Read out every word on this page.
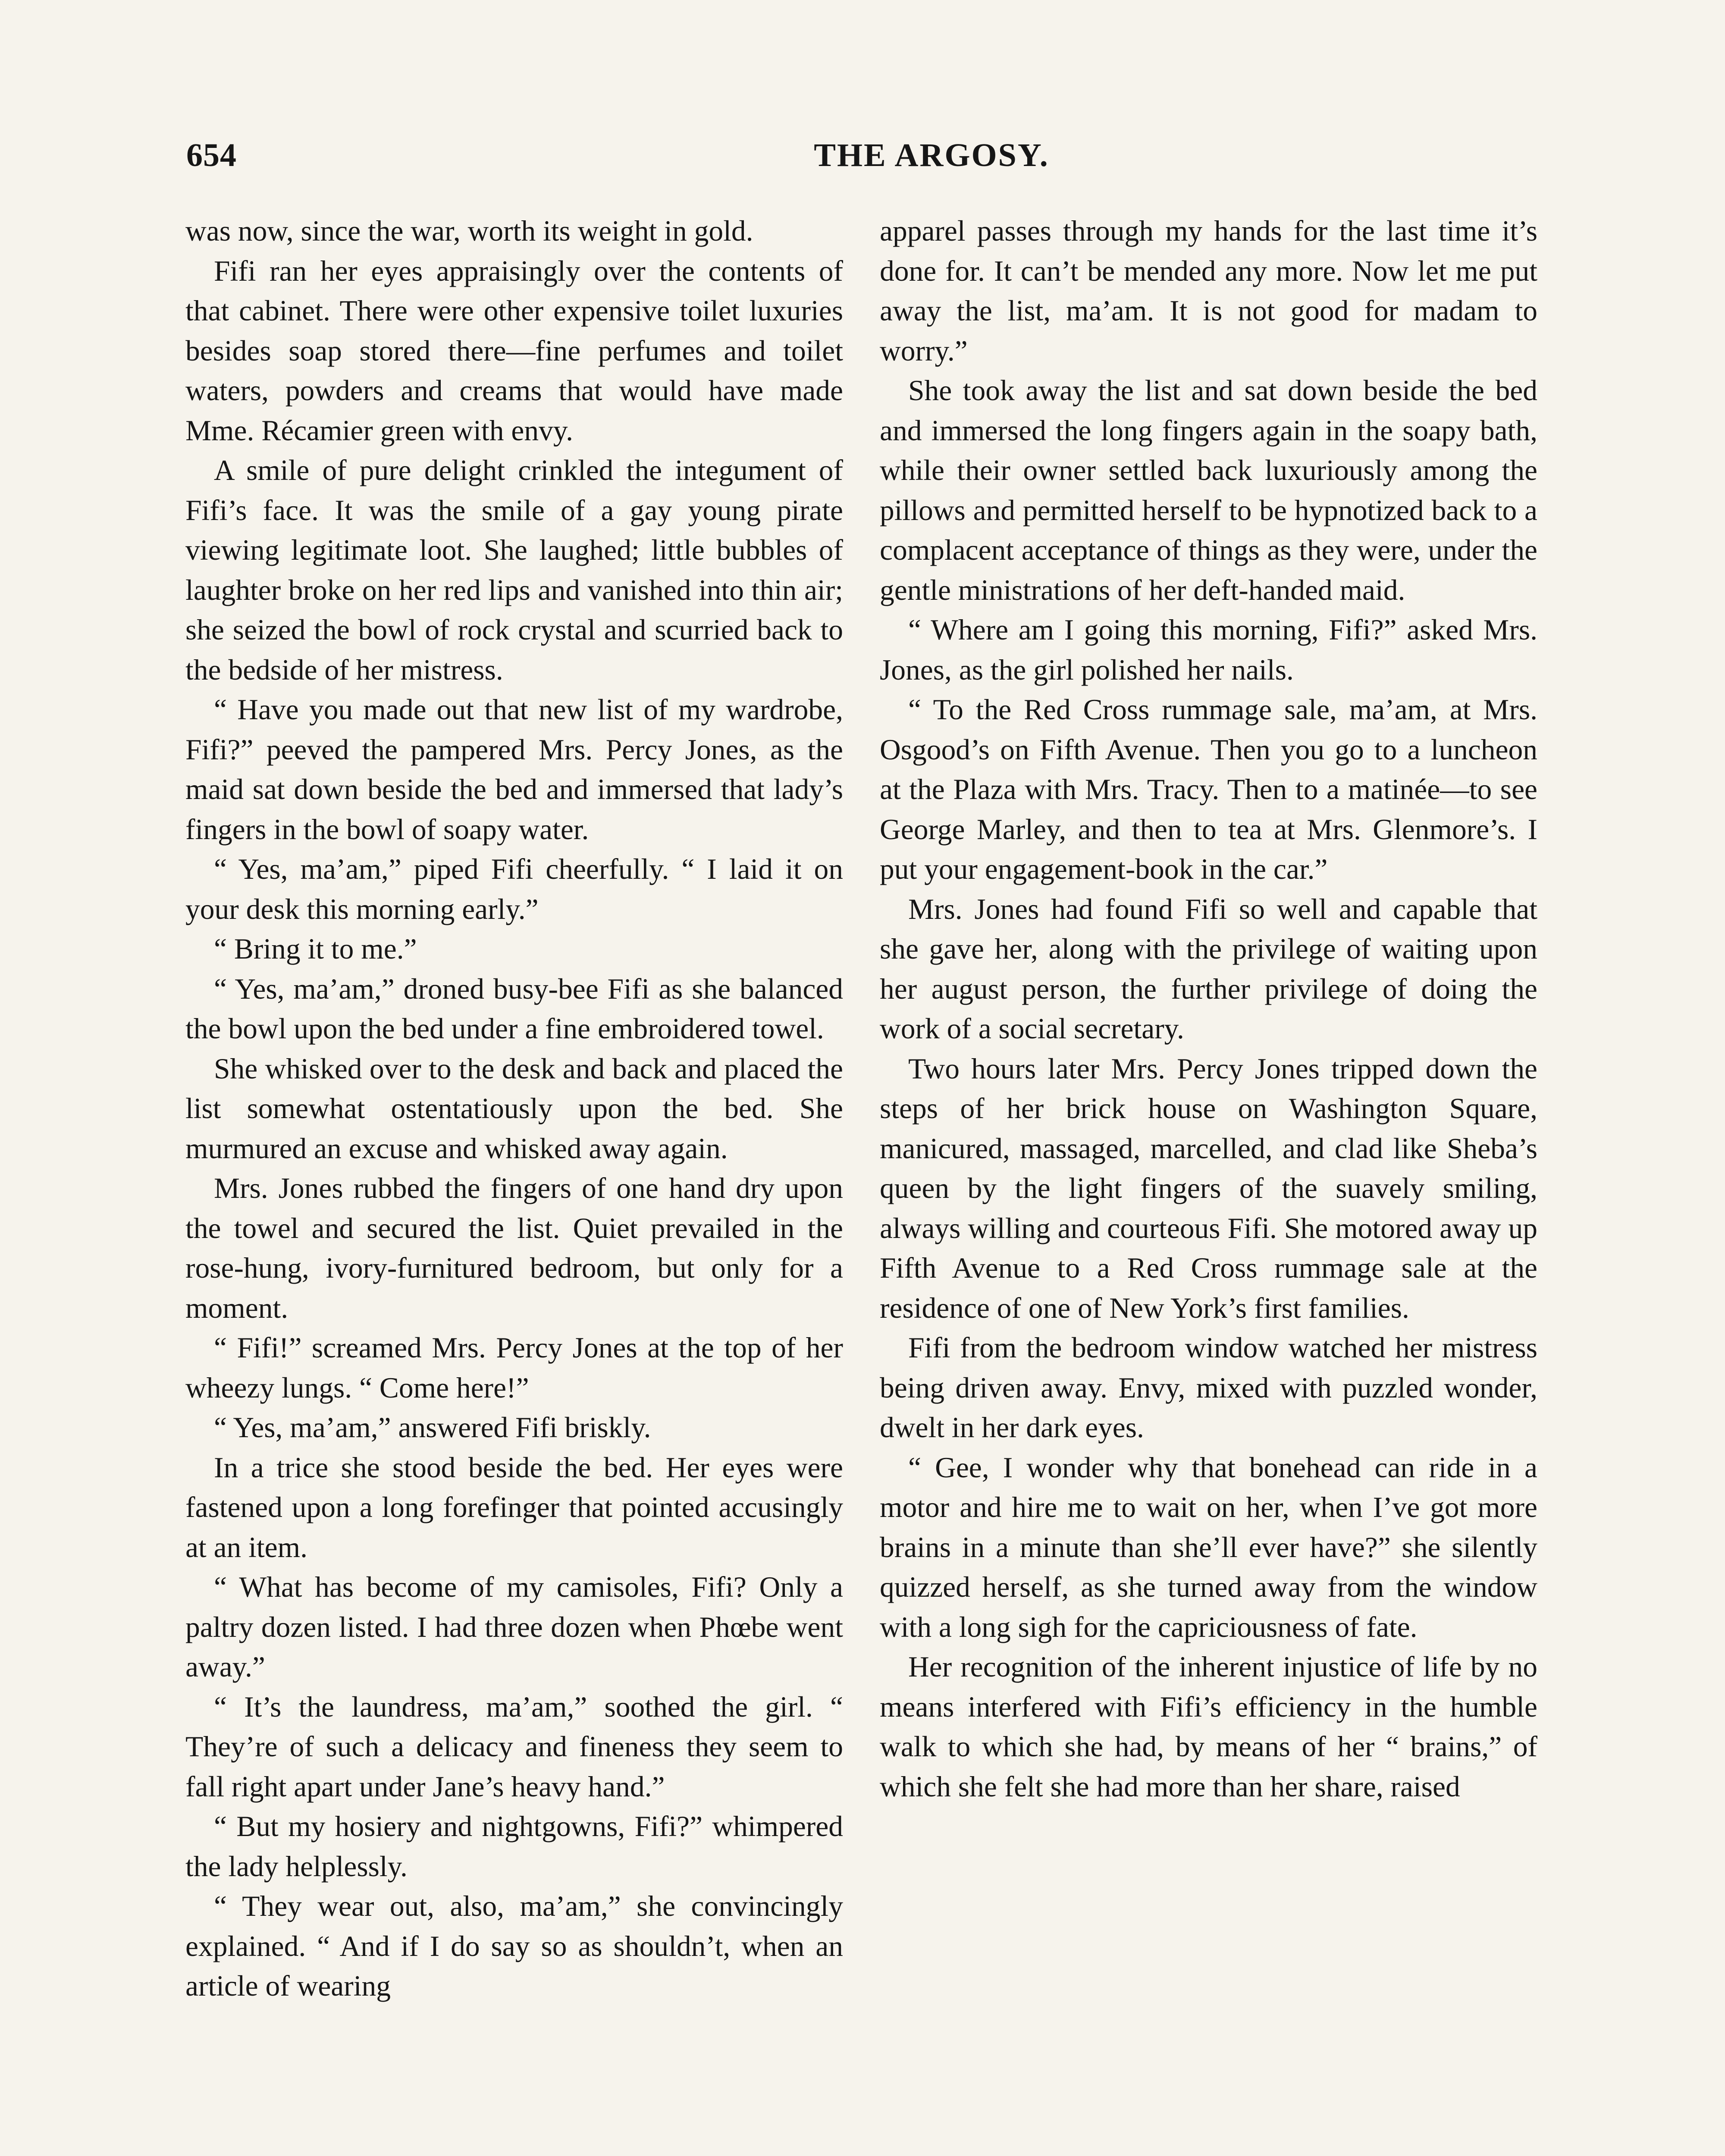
654	THE ARGOSY.

was now, since the war, worth its weight in gold.

Fifi ran her eyes appraisingly over the contents of that cabinet. There were other expensive toilet luxuries besides soap stored there—fine perfumes and toilet waters, powders and creams that would have made Mme. Récamier green with envy.

A smile of pure delight crinkled the integument of Fifi’s face. It was the smile of a gay young pirate viewing legitimate loot. She laughed; little bubbles of laughter broke on her red lips and vanished into thin air; she seized the bowl of rock crystal and scurried back to the bedside of her mistress.

“ Have you made out that new list of my wardrobe, Fifi?” peeved the pampered Mrs. Percy Jones, as the maid sat down beside the bed and immersed that lady’s fingers in the bowl of soapy water.

“ Yes, ma’am,” piped Fifi cheerfully. “ I laid it on your desk this morning early.”

“ Bring it to me.”

“ Yes, ma’am,” droned busy-bee Fifi as she balanced the bowl upon the bed under a fine embroidered towel.

She whisked over to the desk and back and placed the list somewhat ostentatiously upon the bed. She murmured an excuse and whisked away again.

Mrs. Jones rubbed the fingers of one hand dry upon the towel and secured the list. Quiet prevailed in the rose-hung, ivory-furnitured bedroom, but only for a moment.

“ Fifi!” screamed Mrs. Percy Jones at the top of her wheezy lungs. “ Come here!”

“ Yes, ma’am,” answered Fifi briskly.

In a trice she stood beside the bed. Her eyes were fastened upon a long forefinger that pointed accusingly at an item.

“ What has become of my camisoles, Fifi? Only a paltry dozen listed. I had three dozen when Phœbe went away.”

“ It’s the laundress, ma’am,” soothed the girl. “ They’re of such a delicacy and fineness they seem to fall right apart under Jane’s heavy hand.”

“ But my hosiery and nightgowns, Fifi?” whimpered the lady helplessly.

“ They wear out, also, ma’am,” she convincingly explained. “ And if I do say so as shouldn’t, when an article of wearing

apparel passes through my hands for the last time it’s done for. It can’t be mended any more. Now let me put away the list, ma’am. It is not good for madam to worry.”

She took away the list and sat down beside the bed and immersed the long fingers again in the soapy bath, while their owner settled back luxuriously among the pillows and permitted herself to be hypnotized back to a complacent acceptance of things as they were, under the gentle ministrations of her deft-handed maid.

“ Where am I going this morning, Fifi?” asked Mrs. Jones, as the girl polished her nails.

“ To the Red Cross rummage sale, ma’am, at Mrs. Osgood’s on Fifth Avenue. Then you go to a luncheon at the Plaza with Mrs. Tracy. Then to a matinée—to see George Marley, and then to tea at Mrs. Glenmore’s. I put your engagement-book in the car.”

Mrs. Jones had found Fifi so well and capable that she gave her, along with the privilege of waiting upon her august person, the further privilege of doing the work of a social secretary.

Two hours later Mrs. Percy Jones tripped down the steps of her brick house on Washington Square, manicured, massaged, marcelled, and clad like Sheba’s queen by the light fingers of the suavely smiling, always willing and courteous Fifi. She motored away up Fifth Avenue to a Red Cross rummage sale at the residence of one of New York’s first families.

Fifi from the bedroom window watched her mistress being driven away. Envy, mixed with puzzled wonder, dwelt in her dark eyes.

“ Gee, I wonder why that bonehead can ride in a motor and hire me to wait on her, when I’ve got more brains in a minute than she’ll ever have?” she silently quizzed herself, as she turned away from the window with a long sigh for the capriciousness of fate.

Her recognition of the inherent injustice of life by no means interfered with Fifi’s efficiency in the humble walk to which she had, by means of her “ brains,” of which she felt she had more than her share, raised
